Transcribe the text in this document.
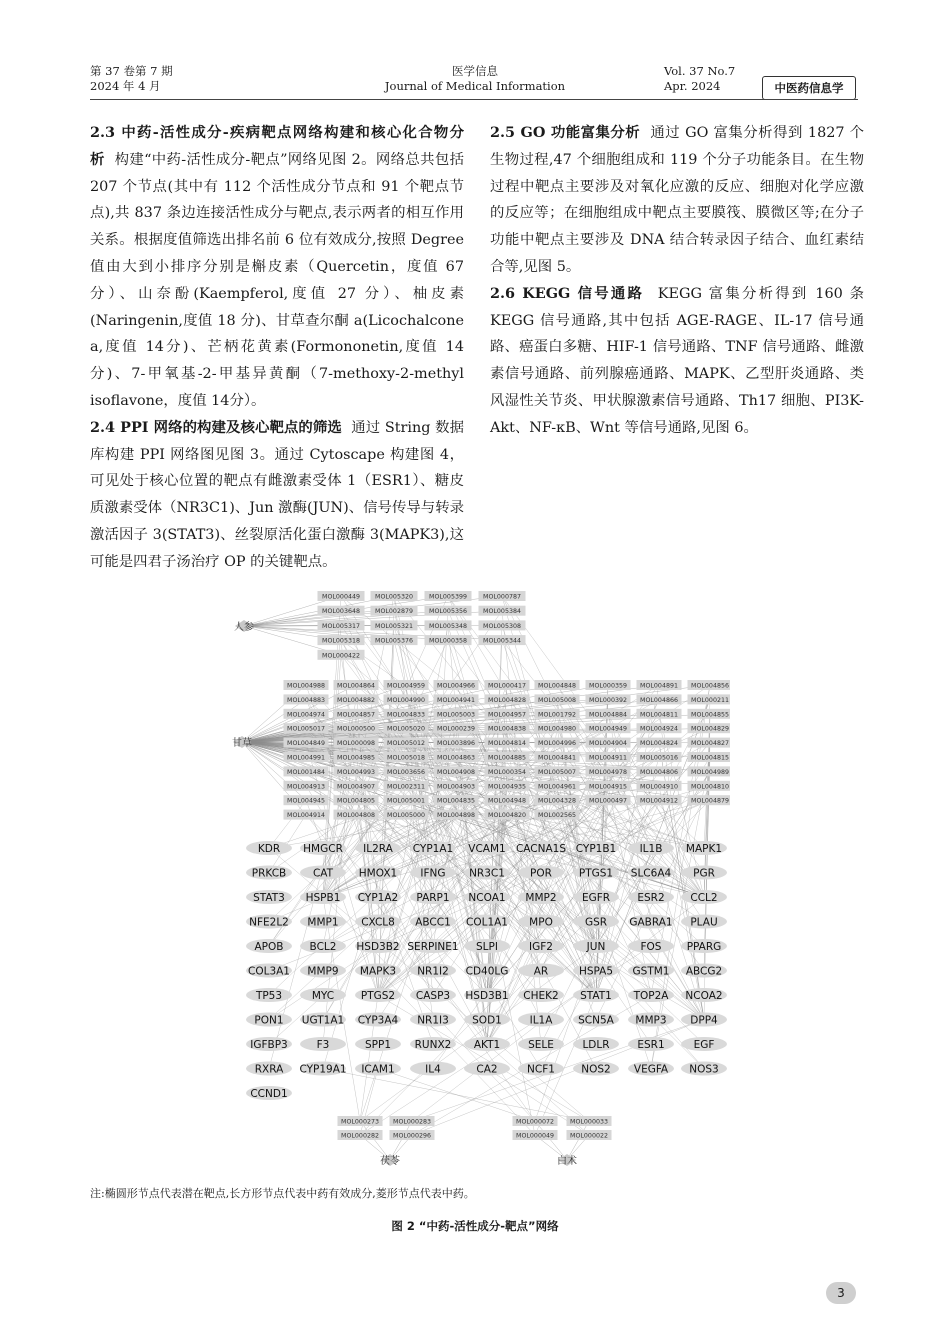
第 37 卷第 7 期
2024 年 4 月
医学信息
Journal of Medical Information
Vol. 37 No.7
Apr. 2024	中医药信息学

2.3 中药-活性成分-疾病靶点网络构建和核心化合物分析 构建“中药-活性成分-靶点”网络见图 2。网络总共包括 207 个节点(其中有 112 个活性成分节点和 91 个靶点节点),共 837 条边连接活性成分与靶点,表示两者的相互作用关系。根据度值筛选出排名前 6 位有效成分,按照 Degree 值由大到小排序分别是槲皮素（Quercetin，度值 67 分）、山奈酚(Kaempferol,度值 27 分）、柚皮素(Naringenin,度值 18 分)、甘草查尔酮 a(Licochalcone a,度值 14分)、芒柄花黄素(Formononetin,度值 14 分)、7-甲氧基-2-甲基异黄酮（7-methoxy-2-methyl isoflavone，度值 14分）。

2.4 PPI 网络的构建及核心靶点的筛选 通过 String 数据库构建 PPI 网络图见图 3。通过 Cytoscape 构建图 4，可见处于核心位置的靶点有雌激素受体 1（ESR1）、糖皮质激素受体（NR3C1)、Jun 激酶(JUN)、信号传导与转录激活因子 3(STAT3)、丝裂原活化蛋白激酶 3(MAPK3),这可能是四君子汤治疗 OP 的关键靶点。

2.5 GO 功能富集分析 通过 GO 富集分析得到 1827 个生物过程,47 个细胞组成和 119 个分子功能条目。在生物过程中靶点主要涉及对氧化应激的反应、细胞对化学应激的反应等；在细胞组成中靶点主要膜筏、膜微区等;在分子功能中靶点主要涉及 DNA 结合转录因子结合、血红素结合等,见图 5。

2.6 KEGG 信号通路 KEGG 富集分析得到 160 条 KEGG 信号通路,其中包括 AGE-RAGE、IL-17 信号通路、癌蛋白多糖、HIF-1 信号通路、TNF 信号通路、雌激素信号通路、前列腺癌通路、MAPK、乙型肝炎通路、类风湿性关节炎、甲状腺激素信号通路、Th17 细胞、PI3K-Akt、NF-κB、Wnt 等信号通路,见图 6。

MOL000449 MOL005320	MOL005399	MOL000787
MOL003648 MOL002879	MOL005356	MOL005384
MOL005317 MOL005321	MOL005348	MOL005308
MOL005318 MOL005376	MOL000358	MOL005344
MOL000422
MOL004988 MOL004864 MOL004959 MOL004966 MOL000417 MOL004848 MOL000359 MOL004891 MOL004856
MOL004883 MOL004882 MOL004990 MOL004941 MOL004828 MOL005008 MOL000392 MOL004866 MOL000211
MOL004974 MOL004857 MOL004833 MOL005003 MOL004957 MOL001792 MOL004884 MOL004811 MOL004855
MOL005017 MOL000500 MOL005020 MOL000239 MOL004838 MOL004980 MOL004949 MOL004924 MOL004829
MOL004849 MOL000098 MOL005012 MOL003896 MOL004814 MOL004996 MOL004904 MOL004824 MOL004827
MOL004991 MOL004985 MOL005018 MOL004863 MOL004885 MOL004841 MOL004911 MOL005016 MOL004815
MOL001484 MOL004993 MOL003656 MOL004908 MOL000354 MOL005007 MOL004978 MOL004806 MOL004989
MOL004913 MOL004907 MOL002311 MOL004903 MOL004935 MOL004961 MOL004915 MOL004910 MOL004810
MOL004945 MOL004805 MOL005001 MOL004835 MOL004948 MOL004328 MOL000497 MOL004912 MOL004879
MOL004914 MOL004808 MOL005000 MOL004898 MOL004820 MOL002565
KDR HMGCR IL2RA CYP1A1 VCAM1 CACNA1S CYP1B1 IL1B MAPK1
PRKCB	CAT HMOX1 IFNG NR3C1 POR	PTGS1 SLC6A4 PGR
STAT3 HSPB1 CYP1A2 PARP1 NCOA1 MMP2 EGFR	ESR2 CCL2
NFE2L2 MMP1 CXCL8 ABCC1 COL1A1 MPO	GSR GABRA1 PLAU
APOB BCL2 HSD3B2 SERPINE1 SLPI	IGF2	JUN	FOS PPARG
COL3A1 MMP9 MAPK3 NR1I2 CD40LG AR	HSPA5 GSTM1 ABCG2
TP53	MYC	PTGS2 CASP3 HSD3B1 CHEK2 STAT1 TOP2A NCOA2
PON1 UGT1A1 CYP3A4 NR1I3 SOD1	IL1A SCN5A MMP3 DPP4
IGFBP3	F3	SPP1 RUNX2 AKT1	SELE	LDLR	ESR1	EGF
RXRA CYP19A1 ICAM1	IL4	CA2	NCF1	NOS2 VEGFA NOS3
CCND1
MOL000273 MOL000283
MOL000282 MOL000296
MOL000072	MOL000033
MOL000049	MOL000022
人参
甘草
茯苓	白术
注:椭圆形节点代表潜在靶点,长方形节点代表中药有效成分,菱形节点代表中药。
图 2 “中药-活性成分-靶点”网络
3
